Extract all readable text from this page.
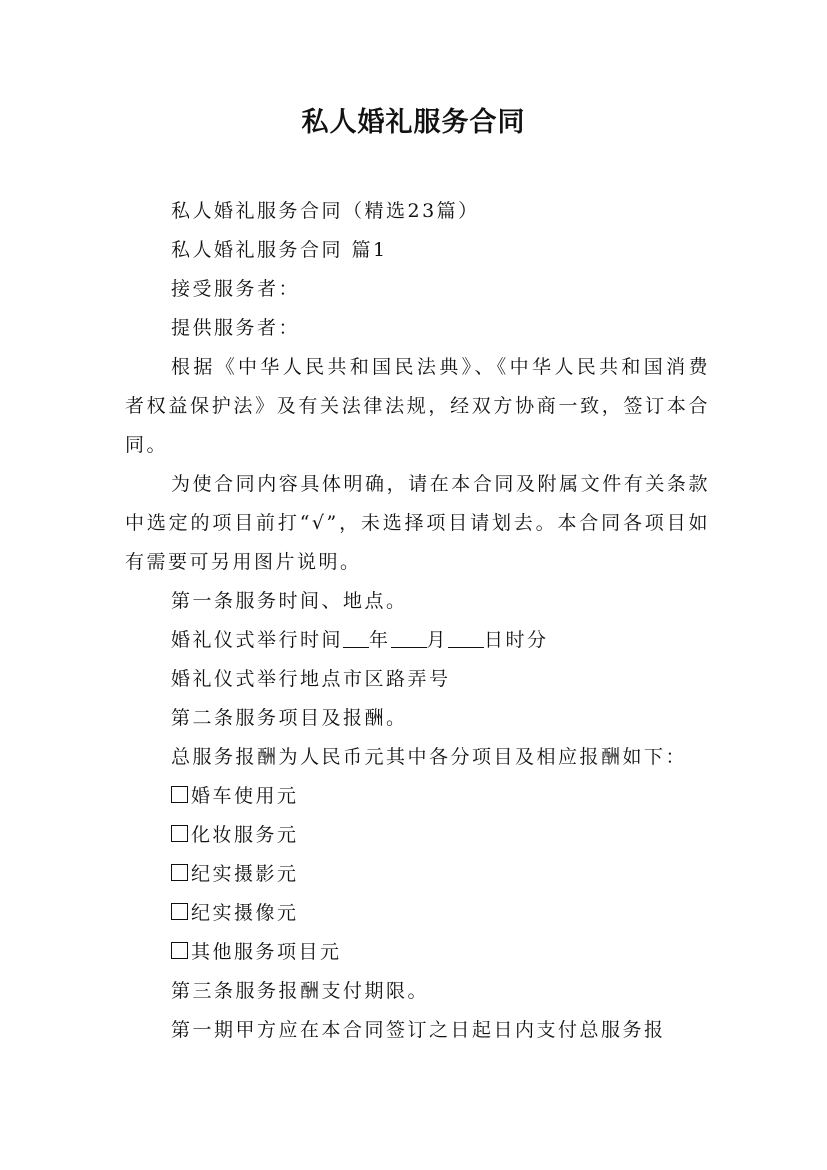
私人婚礼服务合同

私人婚礼服务合同（精选23篇）

私人婚礼服务合同 篇1

接受服务者：

提供服务者：

根据《中华人民共和国民法典》、《中华人民共和国消费者权益保护法》及有关法律法规，经双方协商一致，签订本合同。

为使合同内容具体明确，请在本合同及附属文件有关条款中选定的项目前打“√”，未选择项目请划去。本合同各项目如有需要可另用图片说明。

第一条服务时间、地点。

婚礼仪式举行时间 年 月 日时分

婚礼仪式举行地点市区路弄号

第二条服务项目及报酬。

总服务报酬为人民币元其中各分项目及相应报酬如下：

婚车使用元

化妆服务元

纪实摄影元

纪实摄像元

其他服务项目元

第三条服务报酬支付期限。

第一期甲方应在本合同签订之日起日内支付总服务报
